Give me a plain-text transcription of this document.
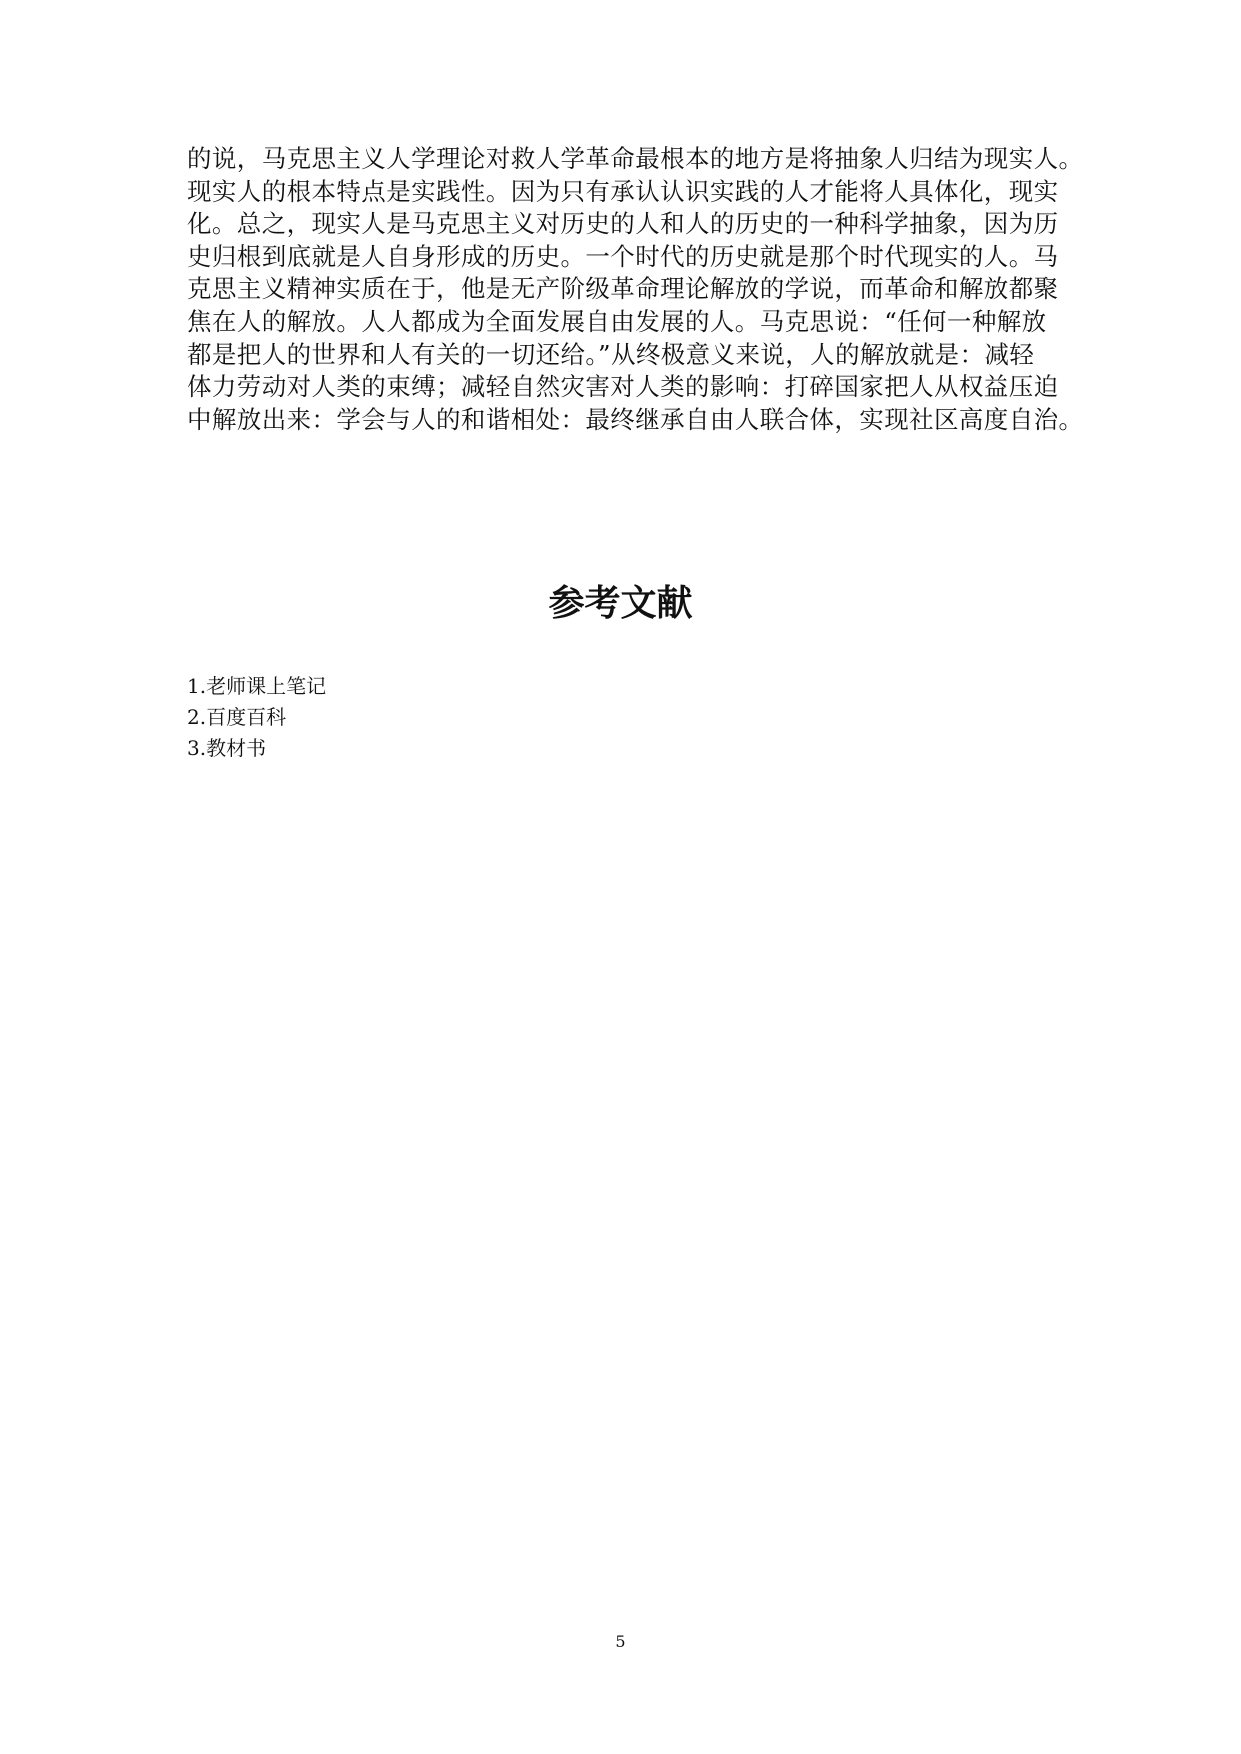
的说，马克思主义人学理论对救人学革命最根本的地方是将抽象人归结为现实人。
现实人的根本特点是实践性。因为只有承认认识实践的人才能将人具体化，现实
化。总之，现实人是马克思主义对历史的人和人的历史的一种科学抽象，因为历
史归根到底就是人自身形成的历史。一个时代的历史就是那个时代现实的人。马
克思主义精神实质在于，他是无产阶级革命理论解放的学说，而革命和解放都聚
焦在人的解放。人人都成为全面发展自由发展的人。马克思说：“任何一种解放
都是把人的世界和人有关的一切还给。”从终极意义来说，人的解放就是：减轻
体力劳动对人类的束缚；减轻自然灾害对人类的影响：打碎国家把人从权益压迫
中解放出来：学会与人的和谐相处：最终继承自由人联合体，实现社区高度自治。
参考文献
1.老师课上笔记
2.百度百科
3.教材书
5
